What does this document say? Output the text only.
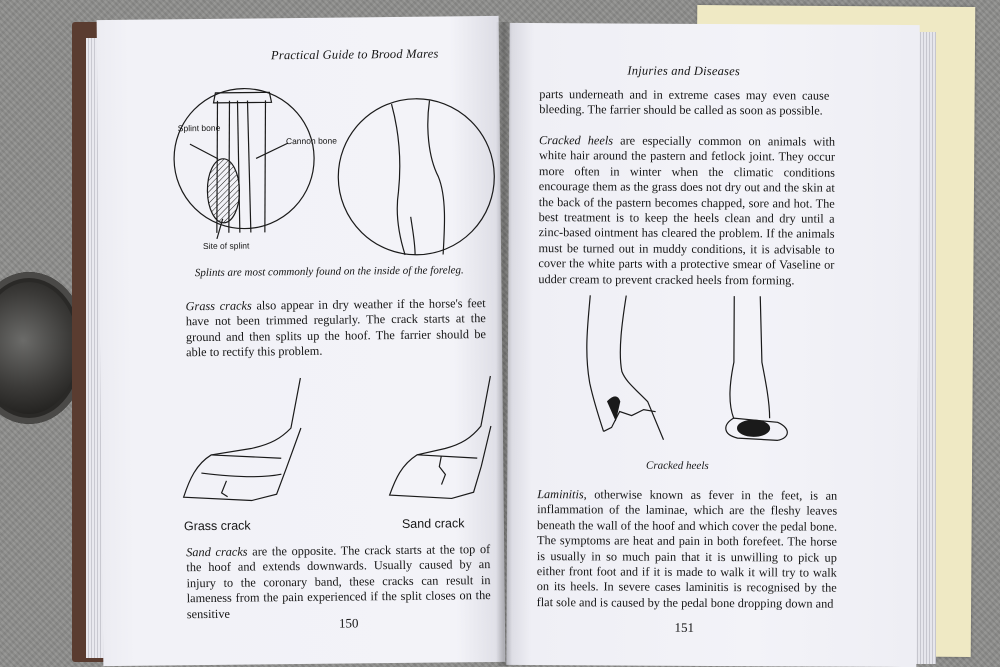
Practical Guide to Brood Mares
Splint bone
Cannon bone
Site of splint
Splints are most commonly found on the inside of the foreleg.
Grass cracks also appear in dry weather if the horse's feet have not been trimmed regularly. The crack starts at the ground and then splits up the hoof. The farrier should be able to rectify this problem.
Grass crack	Sand crack
Sand cracks are the opposite. The crack starts at the top of the hoof and extends downwards. Usually caused by an injury to the coronary band, these cracks can result in lameness from the pain experienced if the split closes on the sensitive
150
Injuries and Diseases
parts underneath and in extreme cases may even cause bleeding. The farrier should be called as soon as possible.
Cracked heels are especially common on animals with white hair around the pastern and fetlock joint. They occur more often in winter when the climatic conditions encourage them as the grass does not dry out and the skin at the back of the pastern becomes chapped, sore and hot. The best treatment is to keep the heels clean and dry until a zinc-based ointment has cleared the problem. If the animals must be turned out in muddy conditions, it is advisable to cover the white parts with a protective smear of Vaseline or udder cream to prevent cracked heels from forming.
Cracked heels
Laminitis, otherwise known as fever in the feet, is an inflammation of the laminae, which are the fleshy leaves beneath the wall of the hoof and which cover the pedal bone. The symptoms are heat and pain in both forefeet. The horse is usually in so much pain that it is unwilling to pick up either front foot and if it is made to walk it will try to walk on its heels. In severe cases laminitis is recognised by the flat sole and is caused by the pedal bone dropping down and
151
